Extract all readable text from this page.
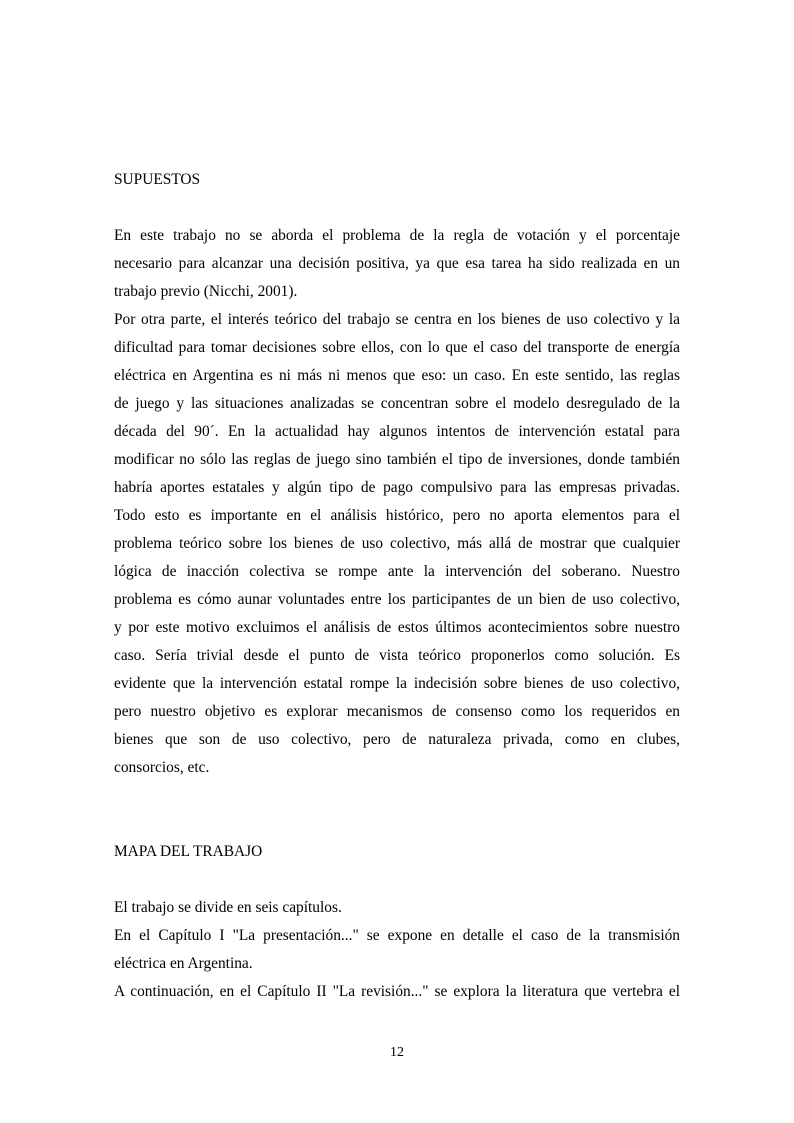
SUPUESTOS
En este trabajo no se aborda el problema de la regla de votación y el porcentaje
necesario para alcanzar una decisión positiva, ya que esa tarea ha sido realizada en un
trabajo previo (Nicchi, 2001).
Por otra parte, el interés teórico del trabajo se centra en los bienes de uso colectivo y la
dificultad para tomar decisiones sobre ellos, con lo que el caso del transporte de energía
eléctrica en Argentina es ni más ni menos que eso: un caso. En este sentido, las reglas
de juego y las situaciones analizadas se concentran sobre el modelo desregulado de la
década del 90´. En la actualidad hay algunos intentos de intervención estatal para
modificar no sólo las reglas de juego sino también el tipo de inversiones, donde también
habría aportes estatales y algún tipo de pago compulsivo para las empresas privadas.
Todo esto es importante en el análisis histórico, pero no aporta elementos para el
problema teórico sobre los bienes de uso colectivo, más allá de mostrar que cualquier
lógica de inacción colectiva se rompe ante la intervención del soberano. Nuestro
problema es cómo aunar voluntades entre los participantes de un bien de uso colectivo,
y por este motivo excluimos el análisis de estos últimos acontecimientos sobre nuestro
caso. Sería trivial desde el punto de vista teórico proponerlos como solución. Es
evidente que la intervención estatal rompe la indecisión sobre bienes de uso colectivo,
pero nuestro objetivo es explorar mecanismos de consenso como los requeridos en
bienes que son de uso colectivo, pero de naturaleza privada, como en clubes,
consorcios, etc.
MAPA DEL TRABAJO
El trabajo se divide en seis capítulos.
En el Capítulo I "La presentación..." se expone en detalle el caso de la transmisión
eléctrica en Argentina.
A continuación, en el Capítulo II "La revisión..." se explora la literatura que vertebra el
12
